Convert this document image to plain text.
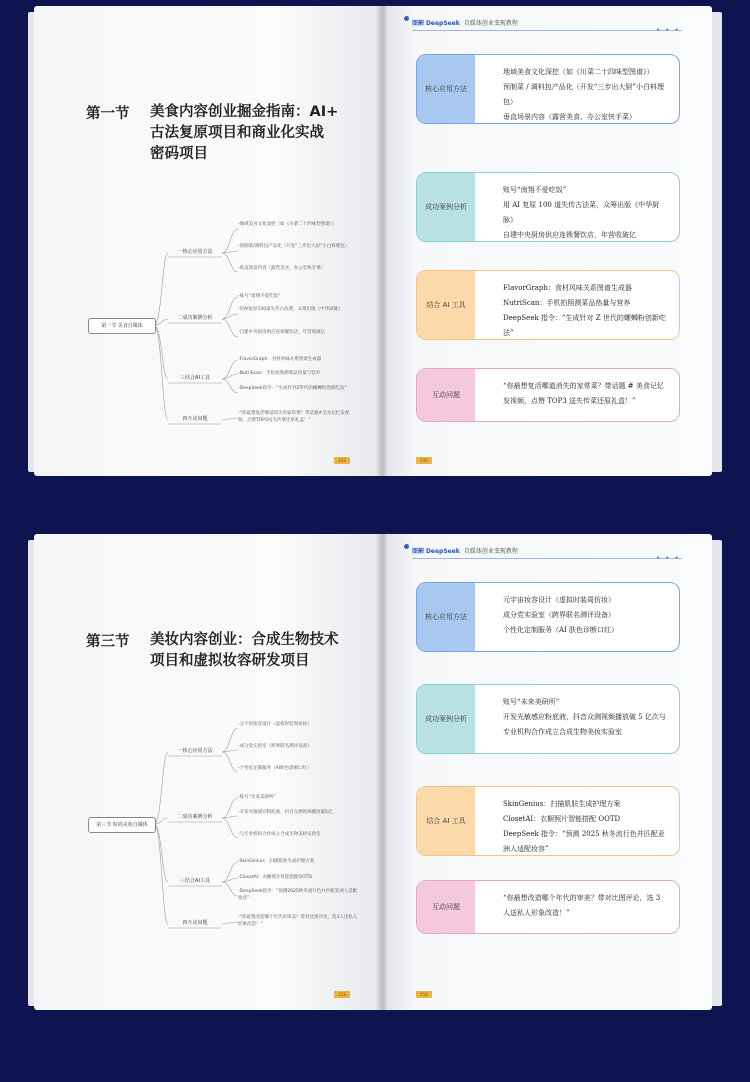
第一节 美食内容创业掘金指南：AI+
古法复原项目和商业化实战
密码项目
第一节 美食自媒体
一核心应用方法
二成功案例分析
三结合AI工具
四互动问题
-地域美食文化深挖（如《川菜二十四味型图谱》）
-预制菜/调料包产品化（开发“三步出大厨”小白料理包）
-垂直场景内容（露营美食、办公室快手菜）
-账号“南翔不爱吃饭”
-用AI复原100道失传古法菜，众筹出版《中华厨脉》
-自建中央厨房供应连锁餐饮店，年营收破亿
-FlavorGraph：食材风味关系图谱生成器
-NutriScan：手机拍照测菜品热量与营养
-DeepSeek指令：“生成针对Z世代的螺蛳粉创新吃法”
-“你最想复活哪道消失的家常菜？带话题#美食记忆发视频，点赞TOP3送失传菜还原礼盒！”
243
图解 DeepSeek 自媒体创业变现教程
核心应用方法
地域美食文化深挖（如《川菜二十四味型图谱》）
预制菜 / 调料包产品化（开发“三步出大厨”小白料理包）
垂直场景内容（露营美食、办公室快手菜）
成功案例分析
账号“南翔不爱吃饭”
用 AI 复原 100 道失传古法菜，众筹出版《中华厨脉》
自建中央厨房供应连锁餐饮店，年营收破亿
结合 AI 工具
FlavorGraph：食材风味关系图谱生成器
NutriScan：手机拍照测菜品热量与营养
DeepSeek 指令：“生成针对 Z 世代的螺蛳粉创新吃法”
互动问题
“你最想复活哪道消失的家常菜？带话题 # 美食记忆发视频，点赞 TOP3 送失传菜还原礼盒！”
244
第三节 美妆内容创业：合成生物技术
项目和虚拟妆容研发项目
第三节 时尚美妆自媒体
一核心应用方法
二成功案例分析
三结合AI工具
四互动问题
-元宇宙妆容设计（虚拟时装周仿妆）
-成分党实验室（跨界联名测评设备）
-个性化定制服务（AI肤色诊断口红）
-账号“未来美研所”
-开发光敏感应粉底液，抖音众测视频播放破5亿
-与专业机构合作成立合成生物美妆实验室
-SkinGenius：扫描肌肤生成护理方案
-ClosetAI：衣橱照片智能搭配OOTD
-DeepSeek指令：“预测2025秋冬流行色并匹配亚洲人适配妆容”
-“你最想改造哪个年代的审美？带对比图评论，选3人送私人形象改造！”
253
图解 DeepSeek 自媒体创业变现教程
核心应用方法
元宇宙妆容设计（虚拟时装周仿妆）
成分党实验室（跨界联名测评设备）
个性化定制服务（AI 肤色诊断口红）
成功案例分析
账号“未来美研所”
开发光敏感应粉底液，抖音众测视频播放破 5 亿次与专业机构合作成立合成生物美妆实验室
结合 AI 工具
SkinGenius：扫描肌肤生成护理方案
ClosetAI：衣橱照片智能搭配 OOTD
DeepSeek 指令：“预测 2025 秋冬流行色并匹配亚洲人适配妆容”
互动问题
“你最想改造哪个年代的审美？带对比图评论，选 3 人送私人形象改造！”
254
